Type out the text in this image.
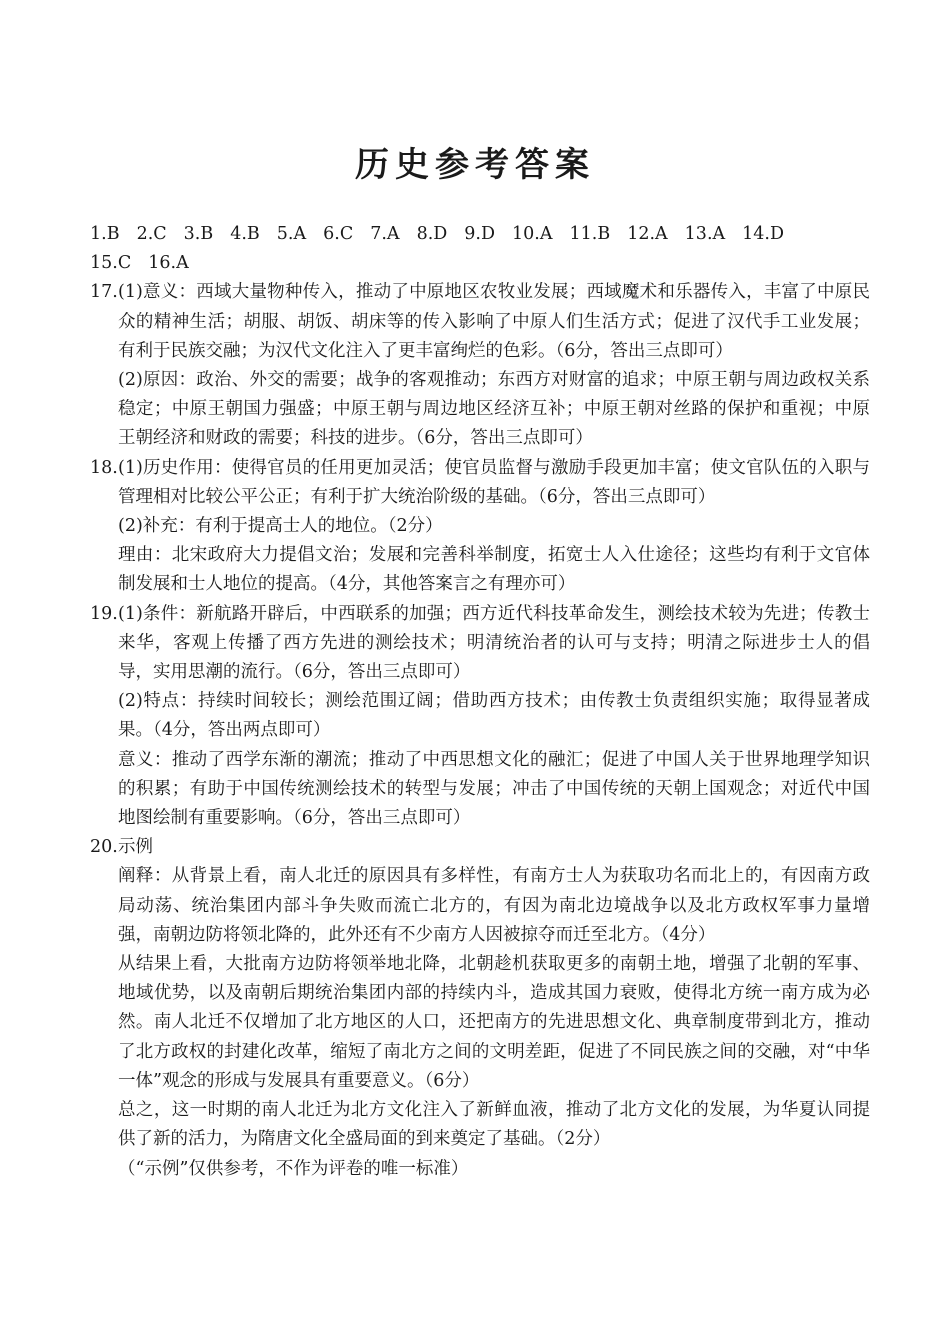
历史参考答案

1.B 2.C 3.B 4.B 5.A 6.C 7.A 8.D 9.D 10.A 11.B 12.A 13.A 14.D

15.C 16.A

17. (1)意义：西域大量物种传入，推动了中原地区农牧业发展；西域魔术和乐器传入，丰富了中原民众的精神生活；胡服、胡饭、胡床等的传入影响了中原人们生活方式；促进了汉代手工业发展；有利于民族交融；为汉代文化注入了更丰富绚烂的色彩。（6分，答出三点即可）

(2)原因：政治、外交的需要；战争的客观推动；东西方对财富的追求；中原王朝与周边政权关系稳定；中原王朝国力强盛；中原王朝与周边地区经济互补；中原王朝对丝路的保护和重视；中原王朝经济和财政的需要；科技的进步。（6分，答出三点即可）

18. (1)历史作用：使得官员的任用更加灵活；使官员监督与激励手段更加丰富；使文官队伍的入职与管理相对比较公平公正；有利于扩大统治阶级的基础。（6分，答出三点即可）

(2)补充：有利于提高士人的地位。（2分）

理由：北宋政府大力提倡文治；发展和完善科举制度，拓宽士人入仕途径；这些均有利于文官体制发展和士人地位的提高。（4分，其他答案言之有理亦可）

19. (1)条件：新航路开辟后，中西联系的加强；西方近代科技革命发生，测绘技术较为先进；传教士来华，客观上传播了西方先进的测绘技术；明清统治者的认可与支持；明清之际进步士人的倡导，实用思潮的流行。（6分，答出三点即可）

(2)特点：持续时间较长；测绘范围辽阔；借助西方技术；由传教士负责组织实施；取得显著成果。（4分，答出两点即可）

意义：推动了西学东渐的潮流；推动了中西思想文化的融汇；促进了中国人关于世界地理学知识的积累；有助于中国传统测绘技术的转型与发展；冲击了中国传统的天朝上国观念；对近代中国地图绘制有重要影响。（6分，答出三点即可）

20. 示例

阐释：从背景上看，南人北迁的原因具有多样性，有南方士人为获取功名而北上的，有因南方政局动荡、统治集团内部斗争失败而流亡北方的，有因为南北边境战争以及北方政权军事力量增强，南朝边防将领北降的，此外还有不少南方人因被掠夺而迁至北方。（4分）

从结果上看，大批南方边防将领举地北降，北朝趁机获取更多的南朝土地，增强了北朝的军事、地域优势，以及南朝后期统治集团内部的持续内斗，造成其国力衰败，使得北方统一南方成为必然。南人北迁不仅增加了北方地区的人口，还把南方的先进思想文化、典章制度带到北方，推动了北方政权的封建化改革，缩短了南北方之间的文明差距，促进了不同民族之间的交融，对“中华一体”观念的形成与发展具有重要意义。（6分）

总之，这一时期的南人北迁为北方文化注入了新鲜血液，推动了北方文化的发展，为华夏认同提供了新的活力，为隋唐文化全盛局面的到来奠定了基础。（2分）

（“示例”仅供参考，不作为评卷的唯一标准）
